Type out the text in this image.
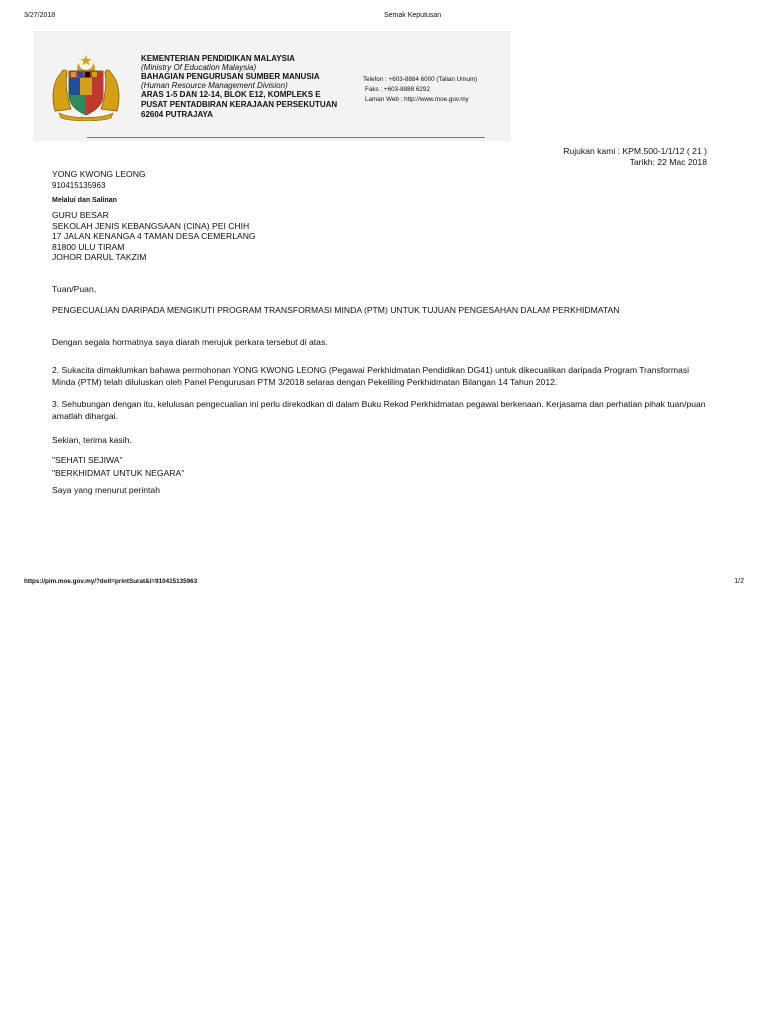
3/27/2018	Semak Keputusan
KEMENTERIAN PENDIDIKAN MALAYSIA
(Ministry Of Education Malaysia)
BAHAGIAN PENGURUSAN SUMBER MANUSIA
(Human Resource Management Division)
ARAS 1-5 DAN 12-14, BLOK E12, KOMPLEKS E
PUSAT PENTADBIRAN KERAJAAN PERSEKUTUAN
62604 PUTRAJAYA
Telefon : +603-8884 6000 (Talian Umum)
Faks : +603-8888 6292
Laman Web : http://www.moe.gov.my
Rujukan kami : KPM.500-1/1/12 ( 21 )
Tarikh: 22 Mac 2018
YONG KWONG LEONG
910415135963
Melalui dan Salinan
GURU BESAR
SEKOLAH JENIS KEBANGSAAN (CINA) PEI CHIH
17 JALAN KENANGA 4 TAMAN DESA CEMERLANG
81800 ULU TIRAM
JOHOR DARUL TAKZIM
Tuan/Puan,
PENGECUALIAN DARIPADA MENGIKUTI PROGRAM TRANSFORMASI MINDA (PTM) UNTUK TUJUAN PENGESAHAN DALAM PERKHIDMATAN
Dengan segala hormatnya saya diarah merujuk perkara tersebut di atas.
2. Sukacita dimaklumkan bahawa permohonan YONG KWONG LEONG (Pegawai Perkhidmatan Pendidikan DG41) untuk dikecualikan daripada Program Transformasi Minda (PTM) telah diluluskan oleh Panel Pengurusan PTM 3/2018 selaras dengan Pekeliling Perkhidmatan Bilangan 14 Tahun 2012.
3. Sehubungan dengan itu, kelulusan pengecualian ini perlu direkodkan di dalam Buku Rekod Perkhidmatan pegawai berkenaan. Kerjasama dan perhatian pihak tuan/puan amatlah dihargai.
Sekian, terima kasih.
"SEHATI SEJIWA"
"BERKHIDMAT UNTUK NEGARA"
Saya yang menurut perintah
https://pim.moe.gov.my/?doit=printSurat&i=910415135963	1/2
